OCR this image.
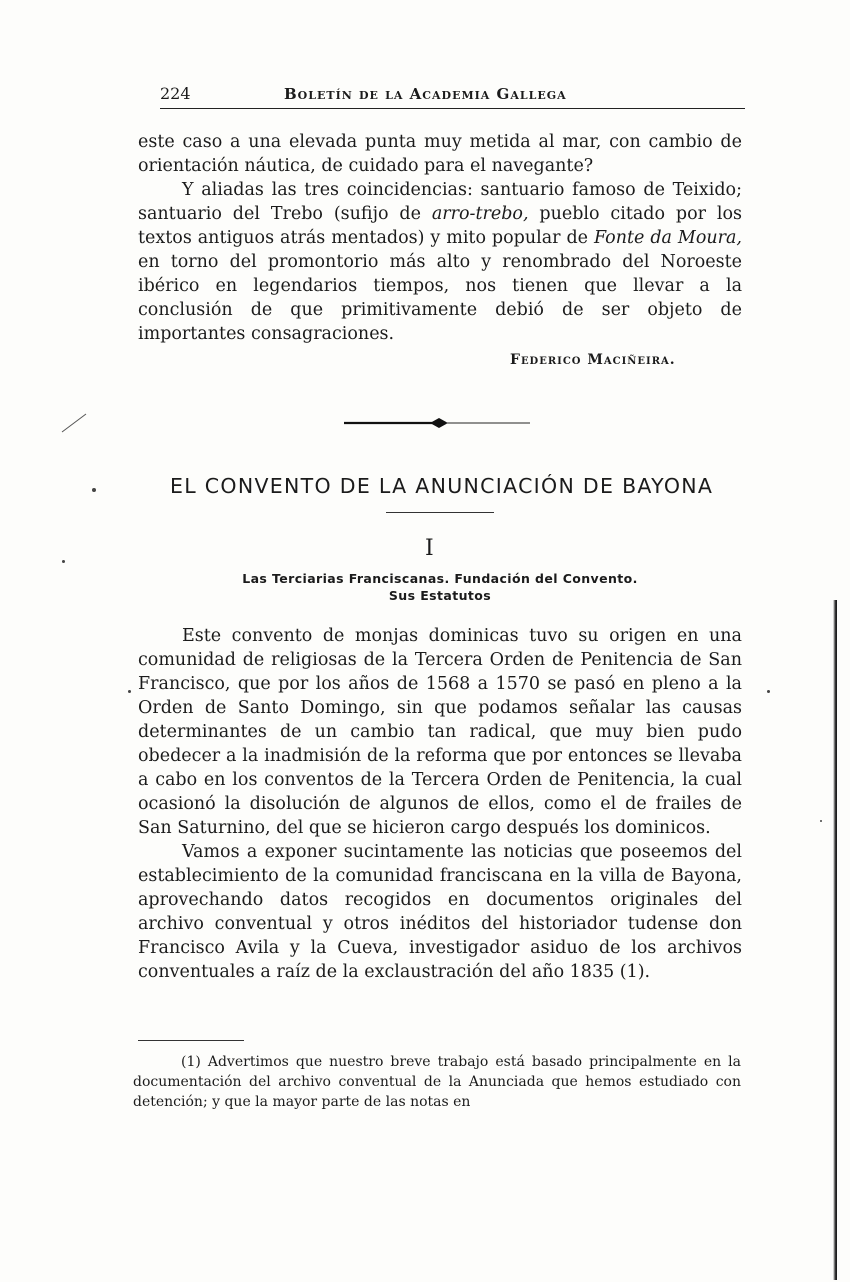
224	Boletín de la Academia Gallega

este caso a una elevada punta muy metida al mar, con cambio de orientación náutica, de cuidado para el navegante?

Y aliadas las tres coincidencias: santuario famoso de Teixido; santuario del Trebo (sufijo de arro-trebo, pueblo citado por los textos antiguos atrás mentados) y mito popular de Fonte da Moura, en torno del promontorio más alto y renombrado del Noroeste ibérico en legendarios tiempos, nos tienen que llevar a la conclusión de que primitivamente debió de ser objeto de importantes consagraciones.

Federico Maciñeira.
EL CONVENTO DE LA ANUNCIACIÓN DE BAYONA
I
Las Terciarias Franciscanas. Fundación del Convento.
Sus Estatutos

Este convento de monjas dominicas tuvo su origen en una comunidad de religiosas de la Tercera Orden de Penitencia de San Francisco, que por los años de 1568 a 1570 se pasó en pleno a la Orden de Santo Domingo, sin que podamos señalar las causas determinantes de un cambio tan radical, que muy bien pudo obedecer a la inadmisión de la reforma que por entonces se llevaba a cabo en los conventos de la Tercera Orden de Penitencia, la cual ocasionó la disolución de algunos de ellos, como el de frailes de San Saturnino, del que se hicieron cargo después los dominicos.

Vamos a exponer sucintamente las noticias que poseemos del establecimiento de la comunidad franciscana en la villa de Bayona, aprovechando datos recogidos en documentos originales del archivo conventual y otros inéditos del historiador tudense don Francisco Avila y la Cueva, investigador asiduo de los archivos conventuales a raíz de la exclaustración del año 1835 (1).

(1) Advertimos que nuestro breve trabajo está basado principalmente en la documentación del archivo conventual de la Anunciada que hemos estudiado con detención; y que la mayor parte de las notas en
